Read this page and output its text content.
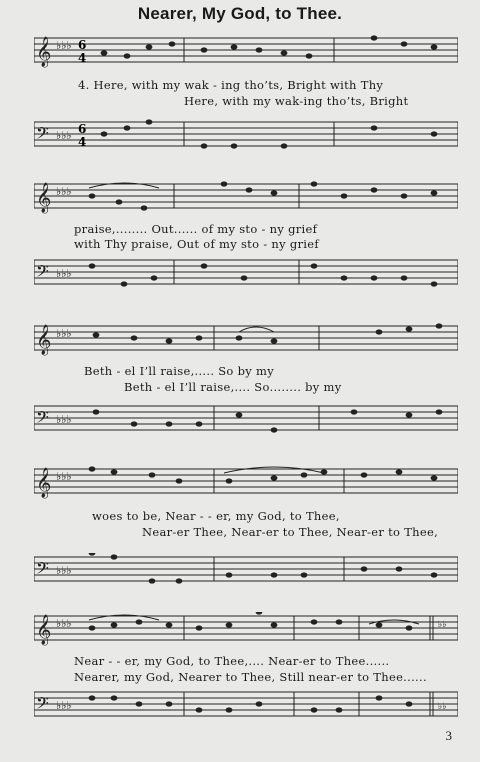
Nearer, My God, to Thee.
𝄞 ♭♭♭ 6
4
4. Here, with my wak - ing tho’ts, Bright with Thy
Here, with my wak-ing tho’ts, Bright
𝄢 ♭♭♭ 6
4
𝄞 ♭♭♭
praise,........ Out...... of my sto - ny grief
with Thy praise, Out of my sto - ny grief
𝄢 ♭♭♭
𝄞 ♭♭♭
Beth - el I’ll raise,..... So by my
Beth - el I’ll raise,.... So........ by my
𝄢 ♭♭♭
𝄞 ♭♭♭
woes to be, Near - - er, my God, to Thee,
Near-er Thee, Near-er to Thee, Near-er to Thee,
𝄢 ♭♭♭
𝄞 ♭♭♭	♭♭
Near - - er, my God, to Thee,.... Near-er to Thee......
Nearer, my God, Nearer to Thee, Still near-er to Thee......
𝄢 ♭♭♭	♭♭
3
